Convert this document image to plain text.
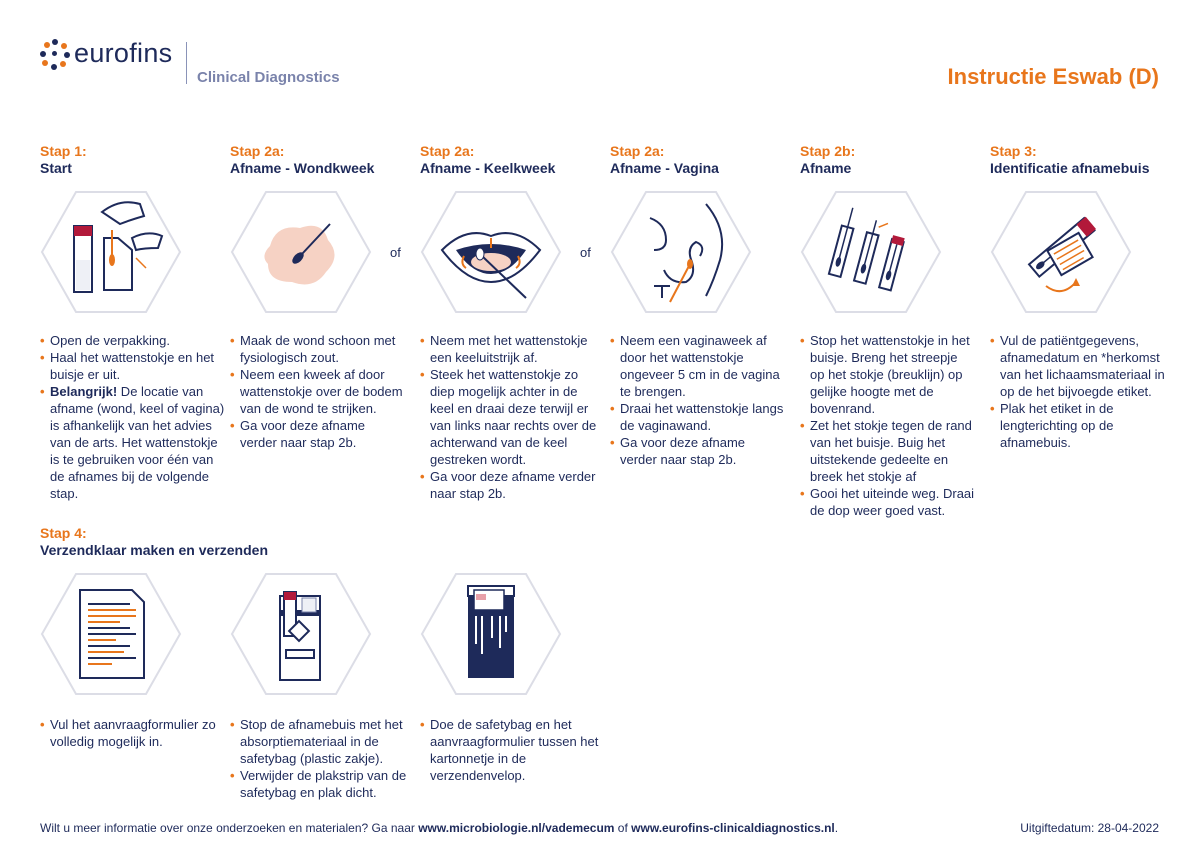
eurofins
Clinical Diagnostics	Instructie Eswab (D)
Stap 1:
Start
• Open de verpakking.
• Haal het wattenstokje en het buisje er uit.
• Belangrijk! De locatie van afname (wond, keel of vagina) is afhankelijk van het advies van de arts. Het wattenstokje is te gebruiken voor één van de afnames bij de volgende stap.
Stap 2a:
Afname - Wondkweek
of
• Maak de wond schoon met fysiologisch zout.
• Neem een kweek af door wattenstokje over de bodem van de wond te strijken.
• Ga voor deze afname verder naar stap 2b.
Stap 2a:
Afname - Keelkweek
of
• Neem met het wattenstokje een keeluitstrijk af.
• Steek het wattenstokje zo diep mogelijk achter in de keel en draai deze terwijl er van links naar rechts over de achterwand van de keel gestreken wordt.
• Ga voor deze afname verder naar stap 2b.
Stap 2a:
Afname - Vagina
• Neem een vaginaweek af door het wattenstokje ongeveer 5 cm in de vagina te brengen.
• Draai het wattenstokje langs de vaginawand.
• Ga voor deze afname verder naar stap 2b.
Stap 2b:
Afname
• Stop het wattenstokje in het buisje. Breng het streepje op het stokje (breuklijn) op gelijke hoogte met de bovenrand.
• Zet het stokje tegen de rand van het buisje. Buig het uitstekende gedeelte en breek het stokje af
• Gooi het uiteinde weg. Draai de dop weer goed vast.
Stap 3:
Identificatie afnamebuis
• Vul de patiëntgegevens, afnamedatum en *herkomst van het lichaamsmateriaal in op de het bijvoegde etiket.
• Plak het etiket in de lengterichting op de afnamebuis.
Stap 4:
Verzendklaar maken en verzenden
• Vul het aanvraagformulier zo volledig mogelijk in.
• Stop de afnamebuis met het absorptiemateriaal in de safetybag (plastic zakje).
• Verwijder de plakstrip van de safetybag en plak dicht.
• Doe de safetybag en het aanvraagformulier tussen het kartonnetje in de verzendenvelop.
Wilt u meer informatie over onze onderzoeken en materialen? Ga naar www.microbiologie.nl/vademecum of www.eurofins-clinicaldiagnostics.nl.	Uitgiftedatum: 28-04-2022
